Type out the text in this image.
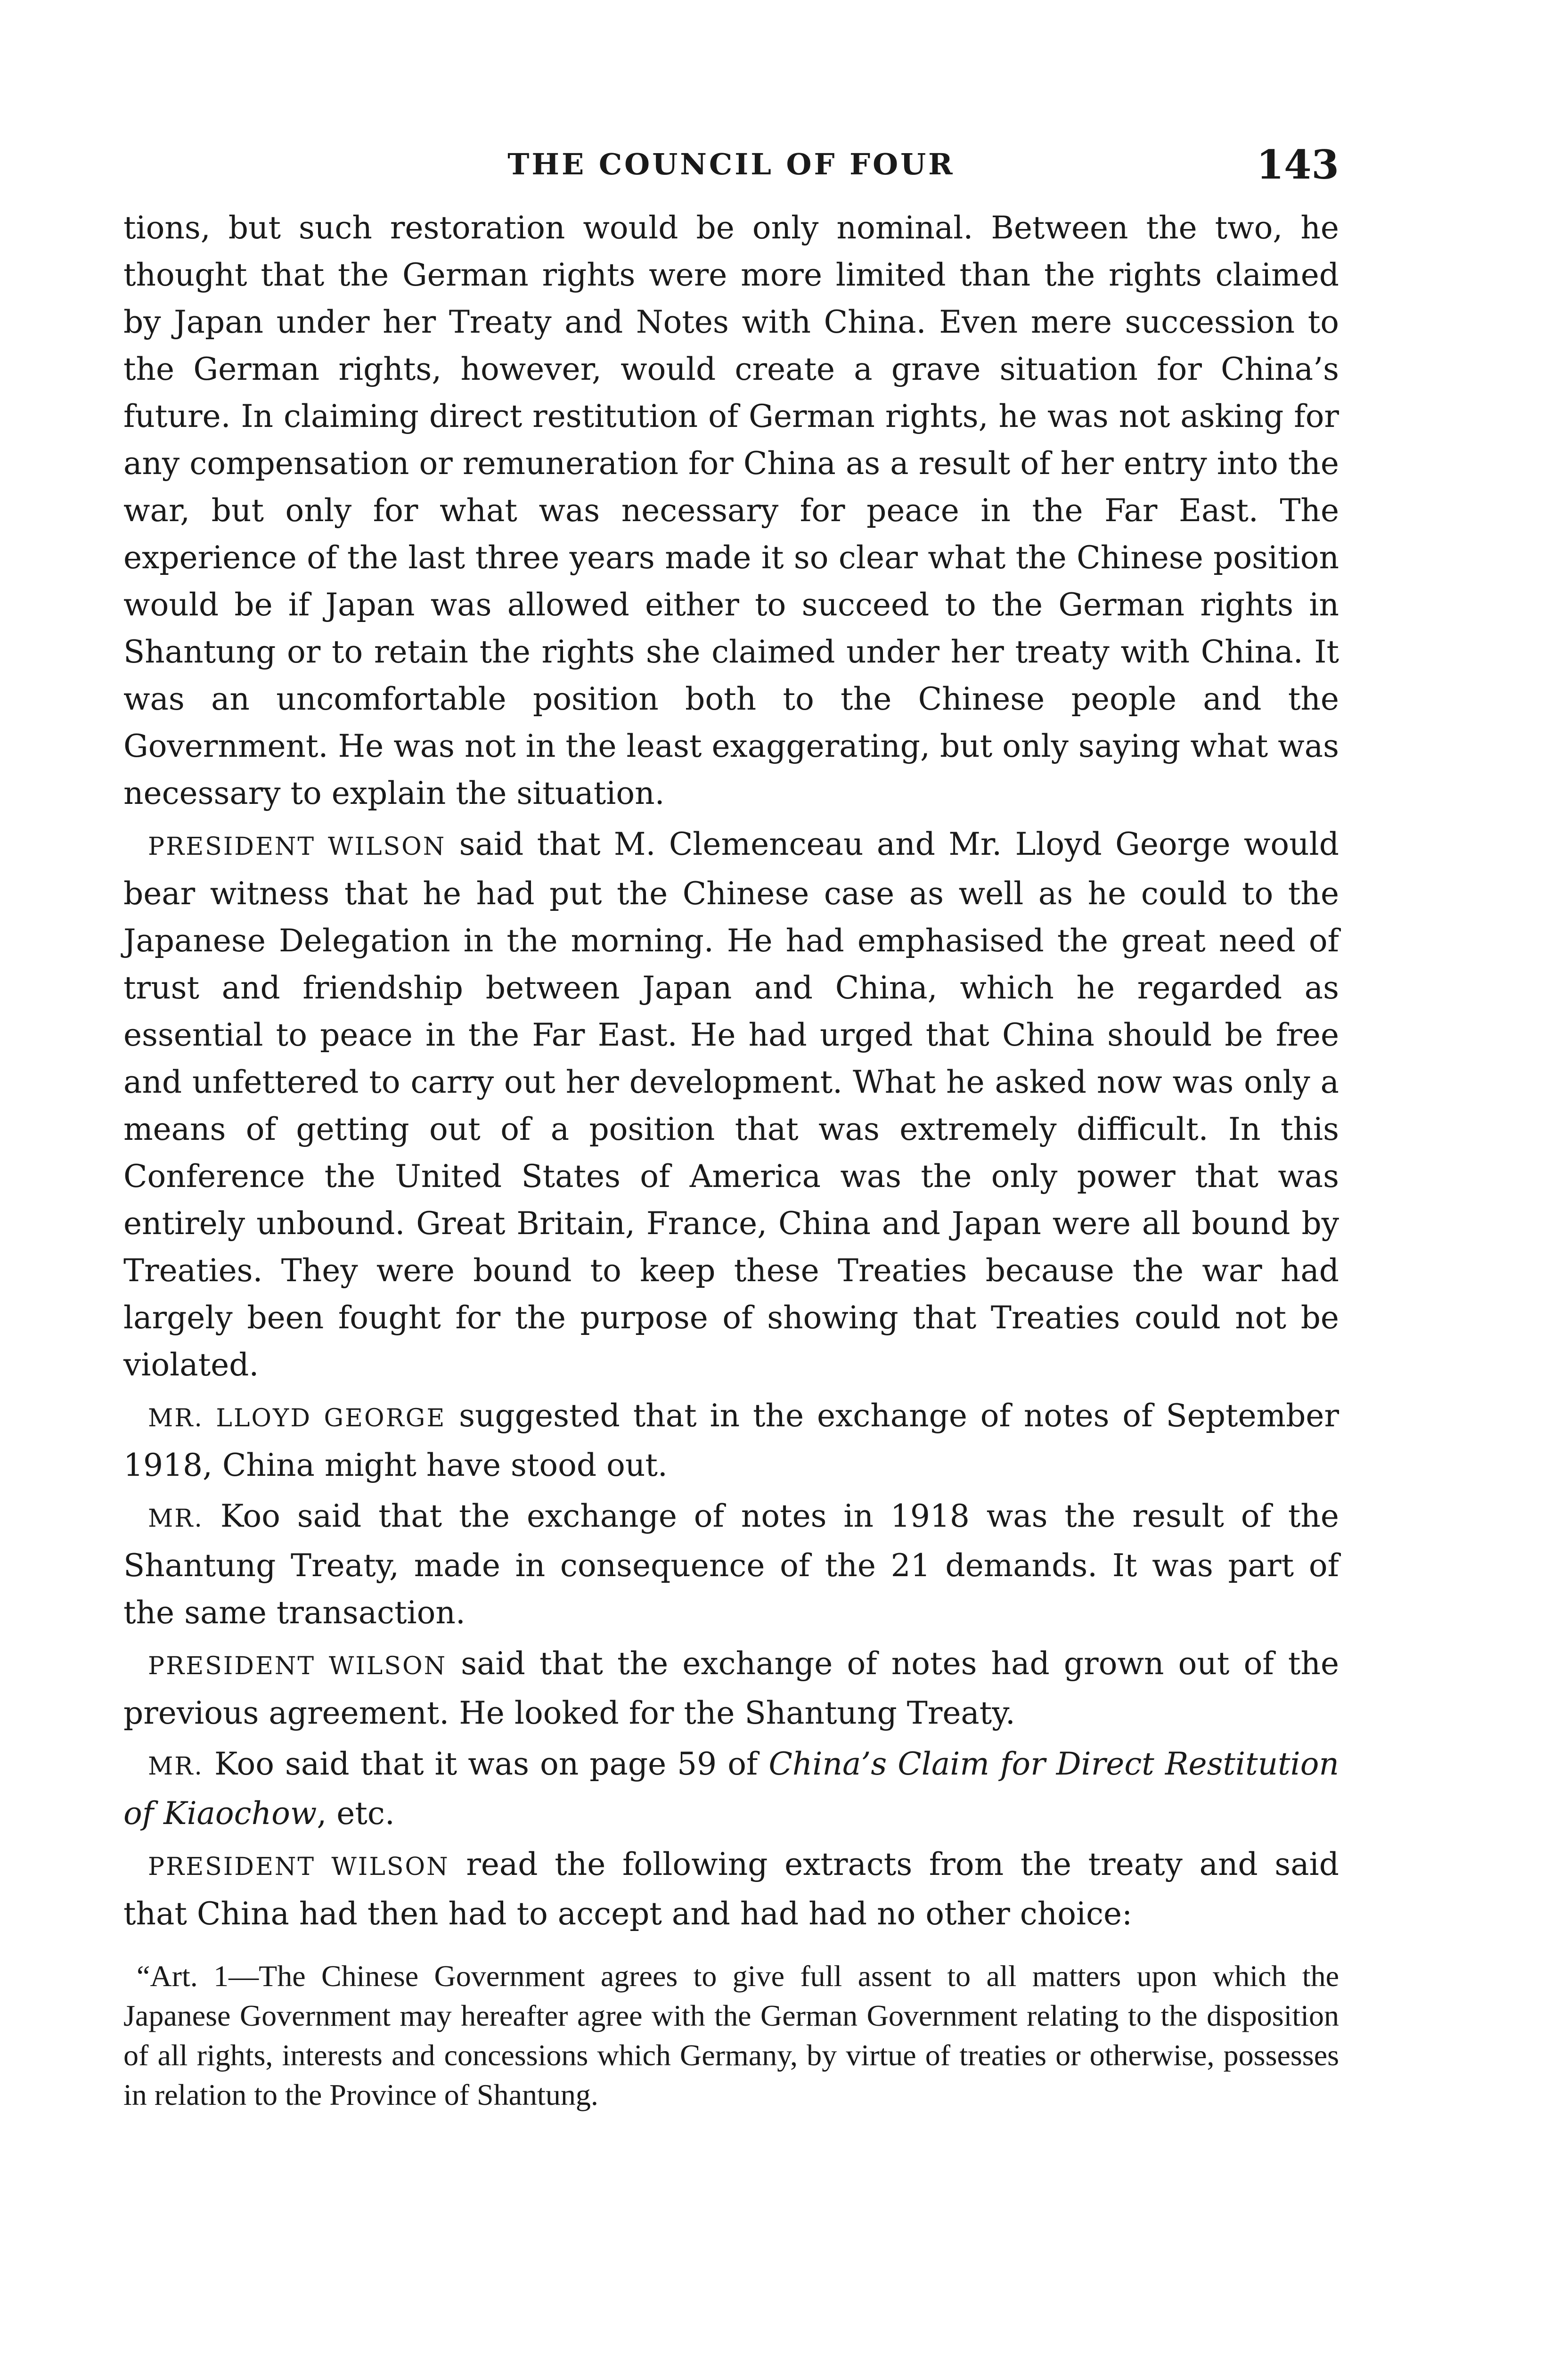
THE COUNCIL OF FOUR	143

tions, but such restoration would be only nominal. Between the two, he thought that the German rights were more limited than the rights claimed by Japan under her Treaty and Notes with China. Even mere succession to the German rights, however, would create a grave situation for China’s future. In claiming direct restitution of German rights, he was not asking for any compensation or remuneration for China as a result of her entry into the war, but only for what was necessary for peace in the Far East. The experience of the last three years made it so clear what the Chinese position would be if Japan was allowed either to succeed to the German rights in Shantung or to retain the rights she claimed under her treaty with China. It was an uncomfortable position both to the Chinese people and the Government. He was not in the least exaggerating, but only saying what was necessary to explain the situation.

PRESIDENT WILSON said that M. Clemenceau and Mr. Lloyd George would bear witness that he had put the Chinese case as well as he could to the Japanese Delegation in the morning. He had emphasised the great need of trust and friendship between Japan and China, which he regarded as essential to peace in the Far East. He had urged that China should be free and unfettered to carry out her development. What he asked now was only a means of getting out of a position that was extremely difficult. In this Conference the United States of America was the only power that was entirely unbound. Great Britain, France, China and Japan were all bound by Treaties. They were bound to keep these Treaties because the war had largely been fought for the purpose of showing that Treaties could not be violated.

MR. LLOYD GEORGE suggested that in the exchange of notes of September 1918, China might have stood out.

MR. Koo said that the exchange of notes in 1918 was the result of the Shantung Treaty, made in consequence of the 21 demands. It was part of the same transaction.

PRESIDENT WILSON said that the exchange of notes had grown out of the previous agreement. He looked for the Shantung Treaty.

MR. Koo said that it was on page 59 of China’s Claim for Direct Restitution of Kiaochow, etc.

PRESIDENT WILSON read the following extracts from the treaty and said that China had then had to accept and had had no other choice:

“Art. 1—The Chinese Government agrees to give full assent to all matters upon which the Japanese Government may hereafter agree with the German Government relating to the disposition of all rights, interests and concessions which Germany, by virtue of treaties or otherwise, possesses in relation to the Province of Shantung.
